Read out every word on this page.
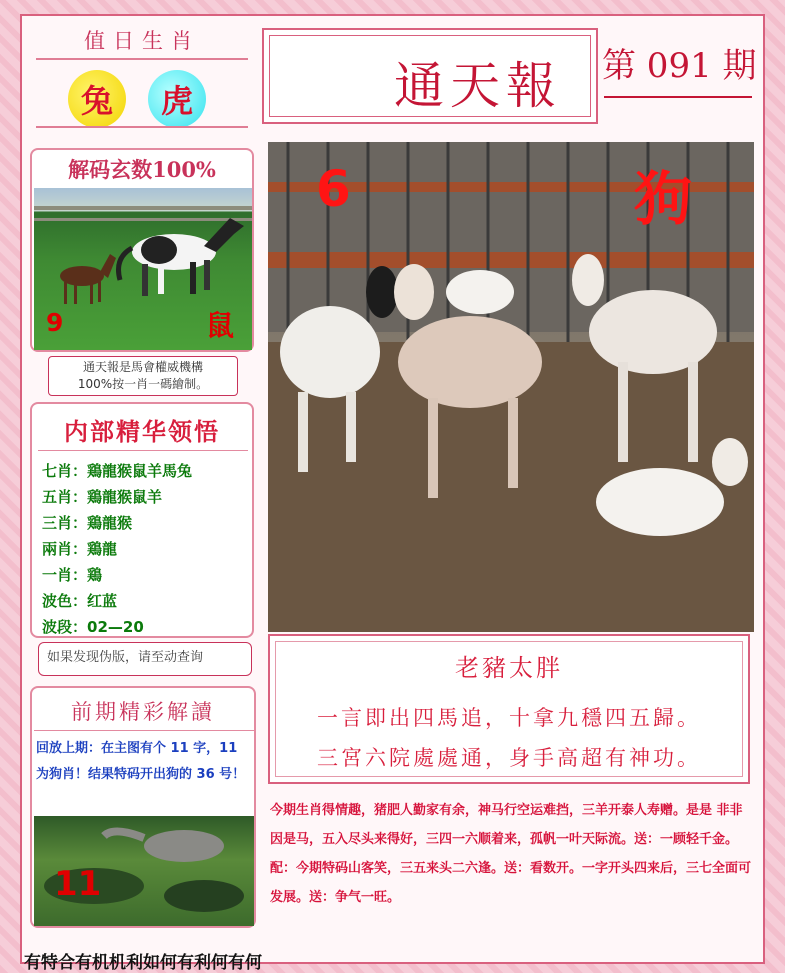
值日生肖
兔	虎
解码玄数100%
9	鼠
通天報是馬會權威機構
100%按一肖一碼繪制。
内部精华领悟
七肖：鶏龍猴鼠羊馬兔
五肖：鶏龍猴鼠羊
三肖：鶏龍猴
兩肖：鶏龍
一肖：鶏
波色：红蓝
波段：02—20
如果发现伪版，请至动查询
前期精彩解讀
回放上期：在主图有个 11 字，11 为狗肖！结果特码开出狗的 36 号！
11
通天報 第 091 期
6	狗
老豬太胖
一言即出四馬追，十拿九穩四五歸。
三宮六院處處通，身手高超有神功。
今期生肖得情趣，猪肥人勤家有余，神马行空运难挡，三羊开泰人寿赠。是是 非非因是马，五入尽头来得好，三四一六顺着来，孤帆一叶天际流。送：一顾轻千金。配：今期特码山客笑，三五来头二六逢。送：看数开。一字开头四来后，三七全面可发展。送：争气一旺。
有特合有机机利如何有利何有何
